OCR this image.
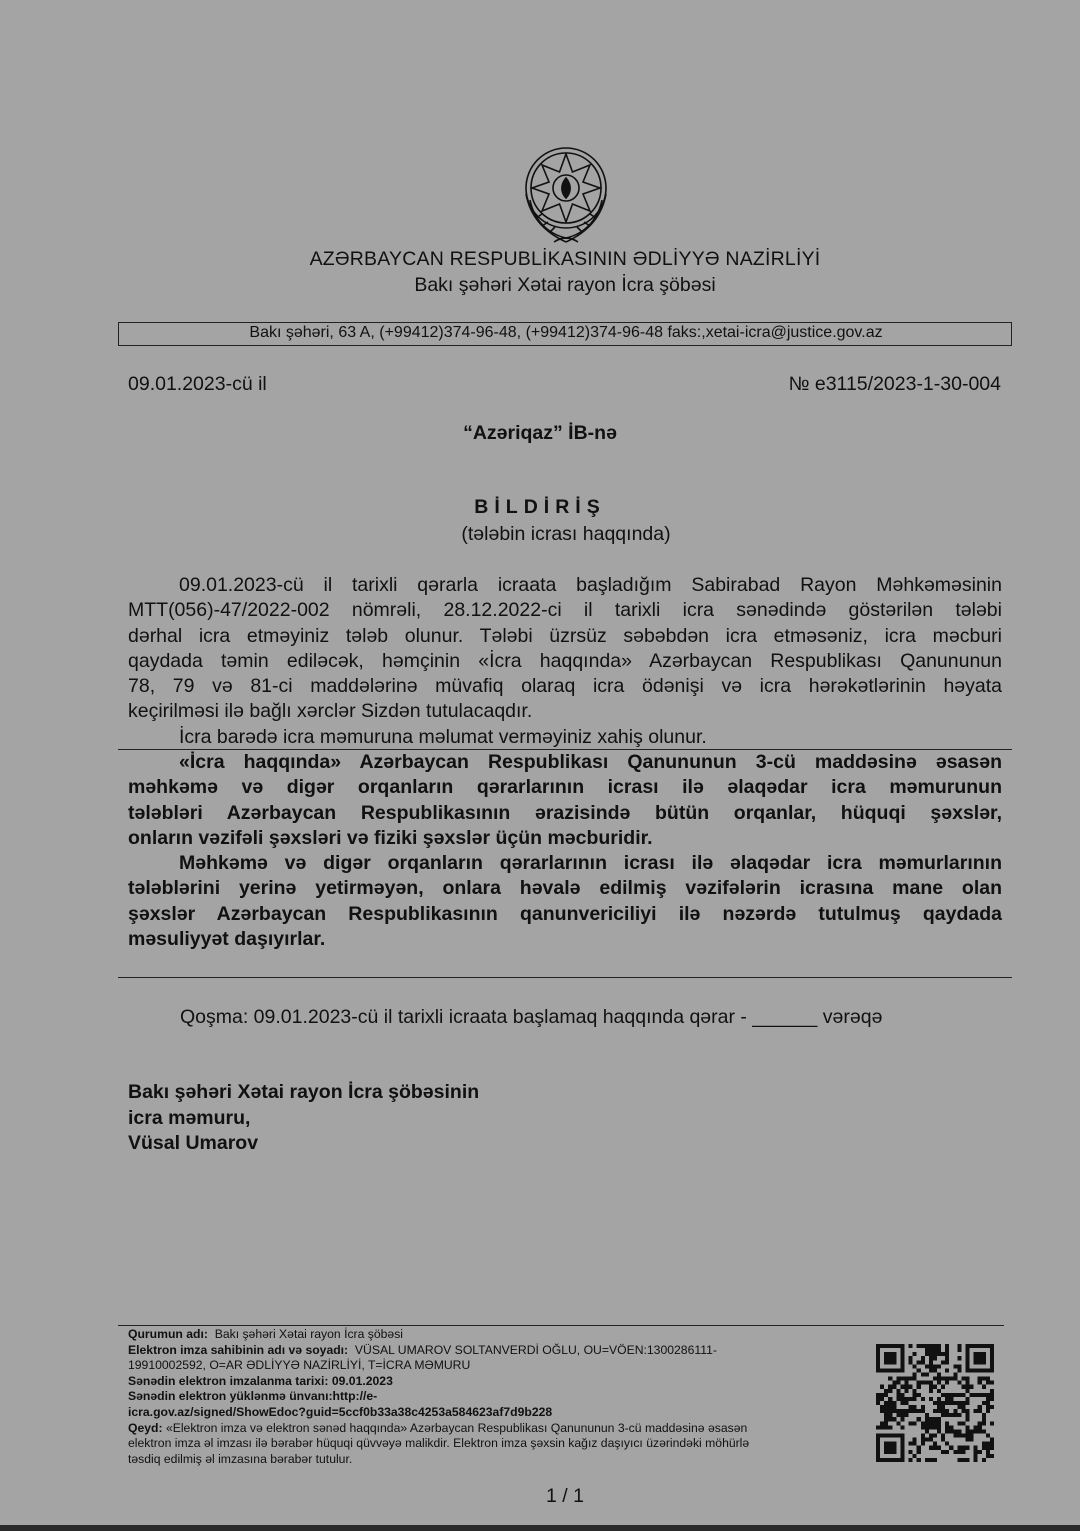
AZƏRBAYCAN RESPUBLİKASININ ƏDLİYYƏ NAZİRLİYİ
Bakı şəhəri Xətai rayon İcra şöbəsi
Bakı şəhəri, 63 A, (+99412)374-96-48, (+99412)374-96-48 faks:,xetai-icra@justice.gov.az
09.01.2023-cü il	№ e3115/2023-1-30-004
“Azəriqaz” İB-nə
BİLDİRİŞ
(tələbin icrası haqqında)
09.01.2023-cü il tarixli qərarla icraata başladığım Sabirabad Rayon Məhkəməsinin
MTT(056)-47/2022-002 nömrəli, 28.12.2022-ci il tarixli icra sənədində göstərilən tələbi
dərhal icra etməyiniz tələb olunur. Tələbi üzrsüz səbəbdən icra etməsəniz, icra məcburi
qaydada təmin ediləcək, həmçinin «İcra haqqında» Azərbaycan Respublikası Qanununun
78, 79 və 81-ci maddələrinə müvafiq olaraq icra ödənişi və icra hərəkətlərinin həyata
keçirilməsi ilə bağlı xərclər Sizdən tutulacaqdır.
İcra barədə icra məmuruna məlumat verməyiniz xahiş olunur.
«İcra haqqında» Azərbaycan Respublikası Qanununun 3-cü maddəsinə əsasən
məhkəmə və digər orqanların qərarlarının icrası ilə əlaqədar icra məmurunun
tələbləri Azərbaycan Respublikasının ərazisində bütün orqanlar, hüquqi şəxslər,
onların vəzifəli şəxsləri və fiziki şəxslər üçün məcburidir.
Məhkəmə və digər orqanların qərarlarının icrası ilə əlaqədar icra məmurlarının
tələblərini yerinə yetirməyən, onlara həvalə edilmiş vəzifələrin icrasına mane olan
şəxslər Azərbaycan Respublikasının qanunvericiliyi ilə nəzərdə tutulmuş qaydada
məsuliyyət daşıyırlar.
Qoşma: 09.01.2023-cü il tarixli icraata başlamaq haqqında qərar - ______ vərəqə
Bakı şəhəri Xətai rayon İcra şöbəsinin
icra məmuru,
Vüsal Umarov
Qurumun adı: Bakı şəhəri Xətai rayon İcra şöbəsi
Elektron imza sahibinin adı və soyadı: VÜSAL UMAROV SOLTANVERDİ OĞLU, OU=VÖEN:1300286111-
19910002592, O=AR ƏDLİYYƏ NAZİRLİYİ, T=İCRA MƏMURU
Sənədin elektron imzalanma tarixi: 09.01.2023
Sənədin elektron yüklənmə ünvanı:http://e-
icra.gov.az/signed/ShowEdoc?guid=5ccf0b33a38c4253a584623af7d9b228
Qeyd: «Elektron imza və elektron sənəd haqqında» Azərbaycan Respublikası Qanununun 3-cü maddəsinə əsasən
elektron imza əl imzası ilə bərabər hüquqi qüvvəyə malikdir. Elektron imza şəxsin kağız daşıyıcı üzərindəki möhürlə
təsdiq edilmiş əl imzasına bərabər tutulur.
1 / 1
